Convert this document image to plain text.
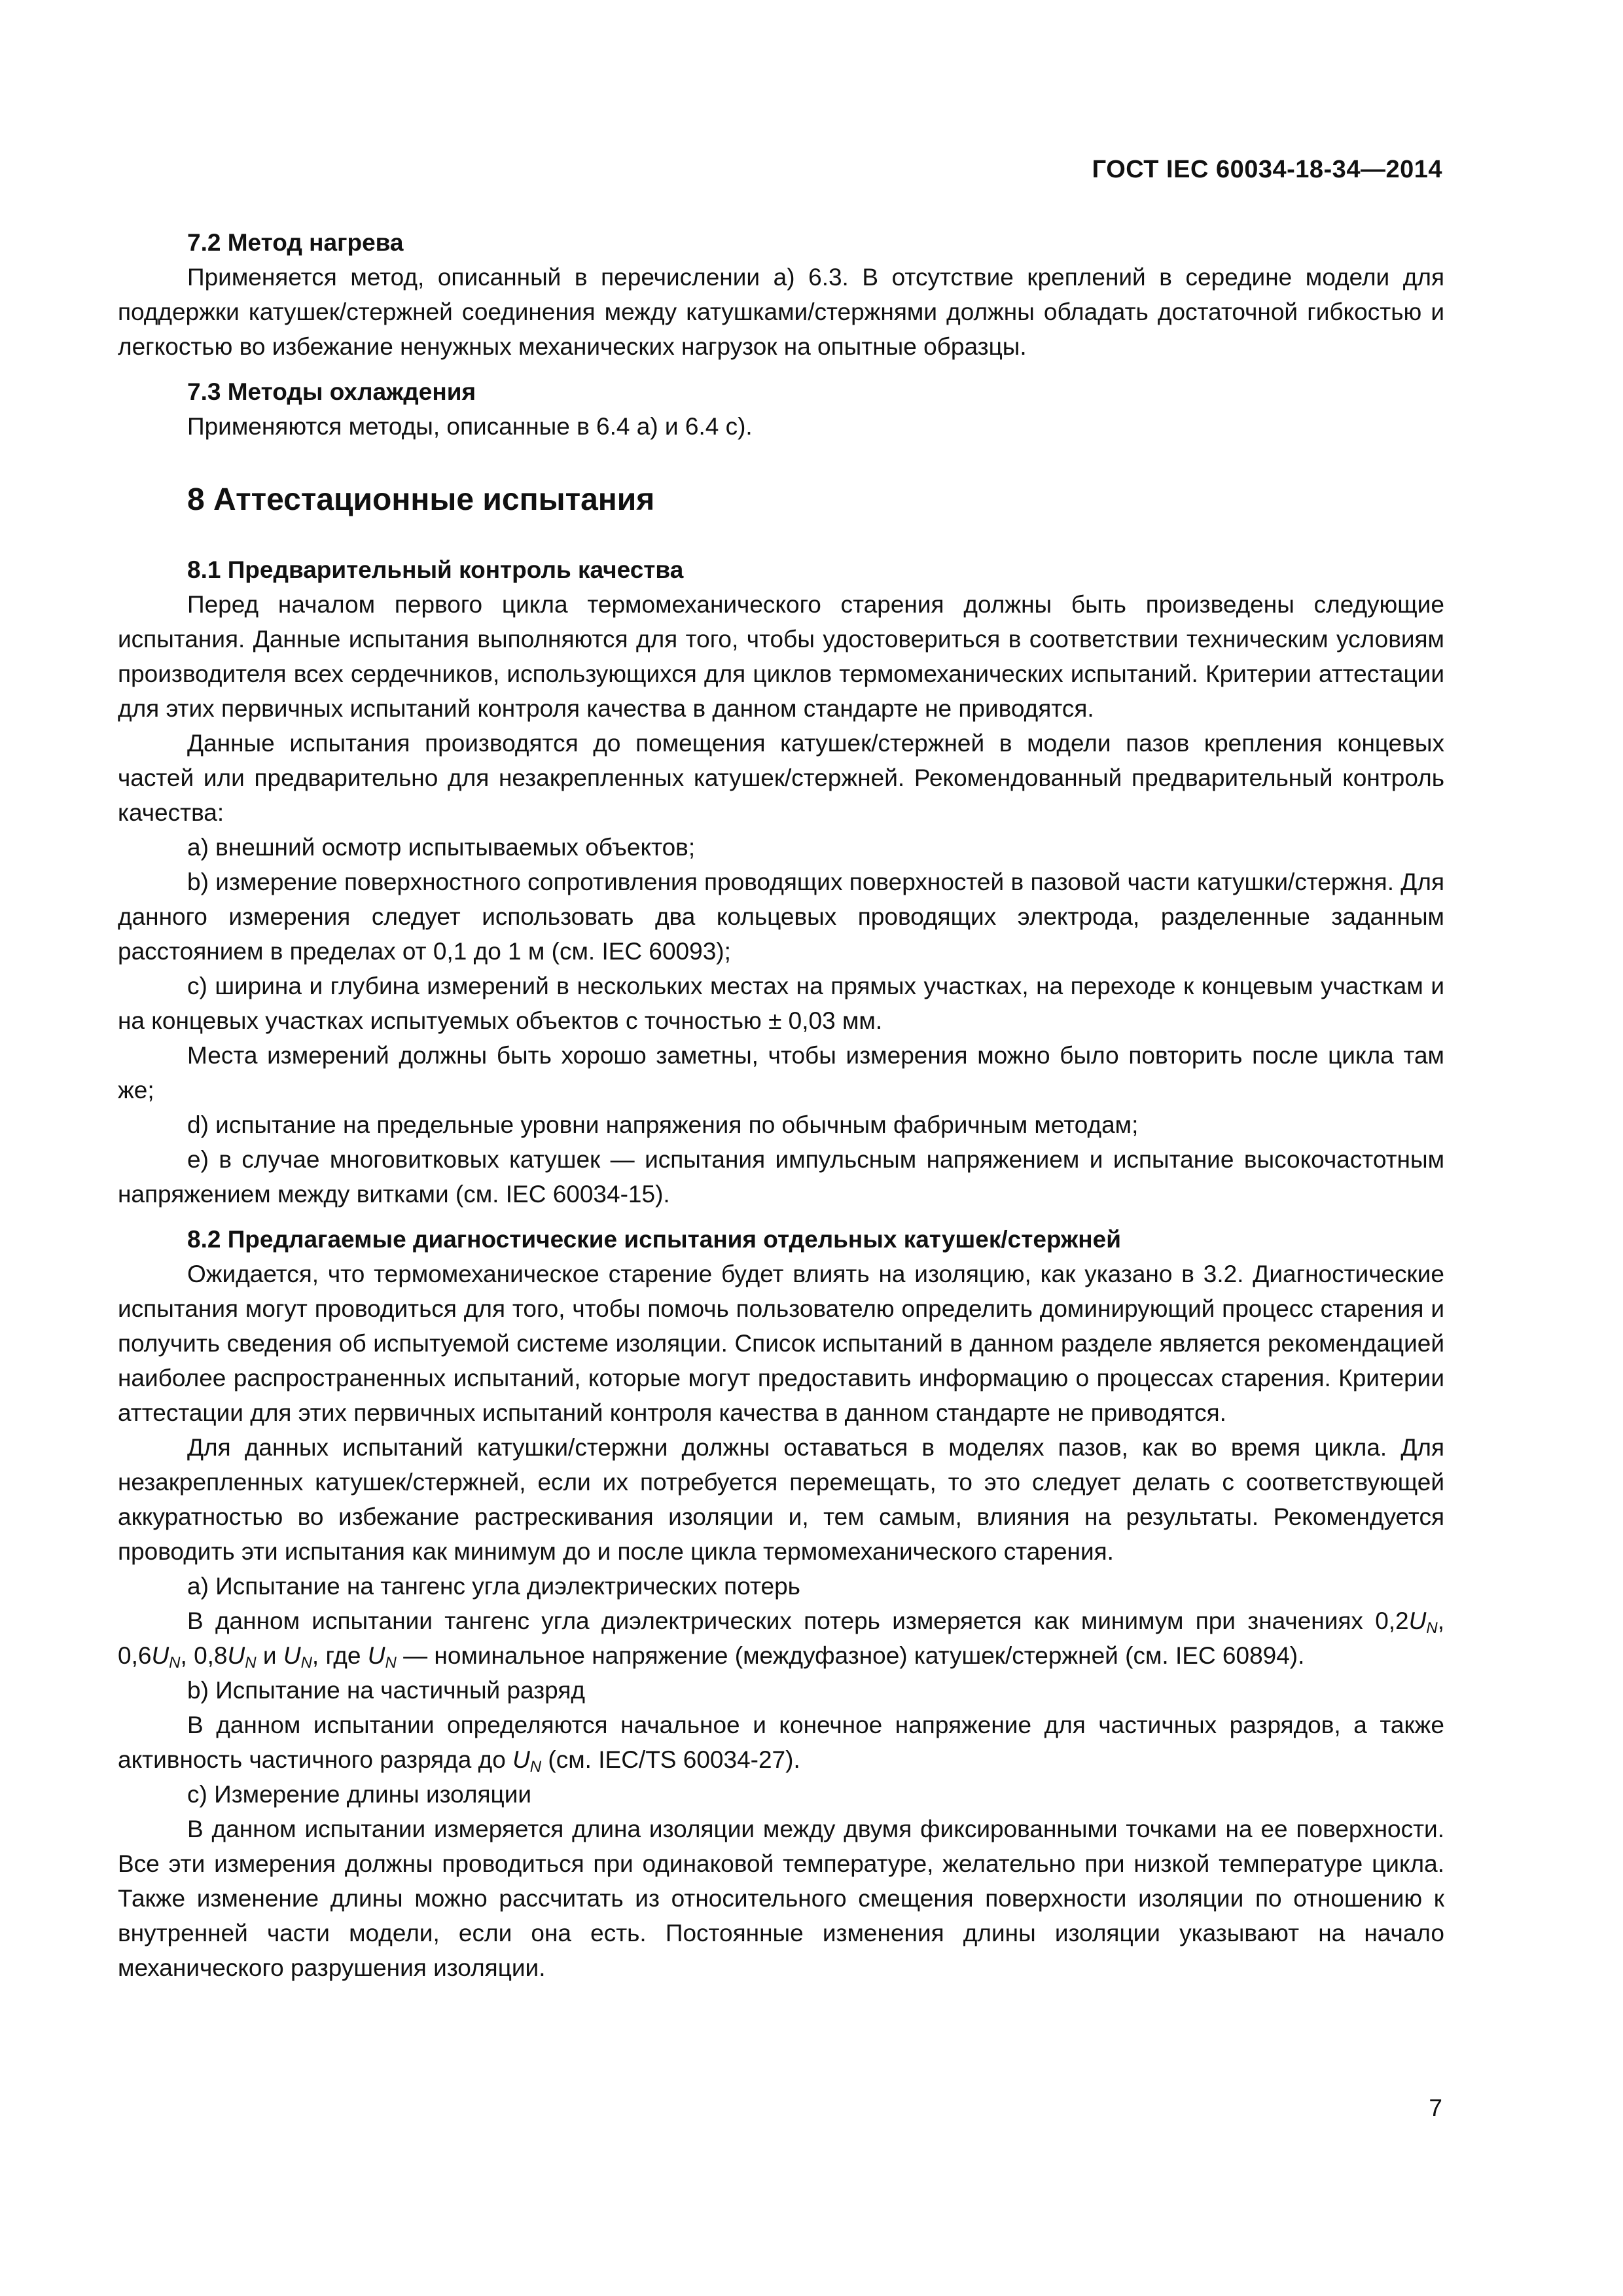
ГОСТ IEC 60034-18-34—2014
7.2 Метод нагрева

Применяется метод, описанный в перечислении а) 6.3. В отсутствие креплений в середине модели для поддержки катушек/стержней соединения между катушками/стержнями должны обладать достаточной гибкостью и легкостью во избежание ненужных механических нагрузок на опытные образцы.

7.3 Методы охлаждения

Применяются методы, описанные в 6.4 а) и 6.4 с).

8 Аттестационные испытания
8.1 Предварительный контроль качества

Перед началом первого цикла термомеханического старения должны быть произведены следующие испытания. Данные испытания выполняются для того, чтобы удостовериться в соответствии техническим условиям производителя всех сердечников, использующихся для циклов термомеханических испытаний. Критерии аттестации для этих первичных испытаний контроля качества в данном стандарте не приводятся.

Данные испытания производятся до помещения катушек/стержней в модели пазов крепления концевых частей или предварительно для незакрепленных катушек/стержней. Рекомендованный предварительный контроль качества:

а) внешний осмотр испытываемых объектов;

b) измерение поверхностного сопротивления проводящих поверхностей в пазовой части катушки/стержня. Для данного измерения следует использовать два кольцевых проводящих электрода, разделенные заданным расстоянием в пределах от 0,1 до 1 м (см. IEC 60093);

с) ширина и глубина измерений в нескольких местах на прямых участках, на переходе к концевым участкам и на концевых участках испытуемых объектов с точностью ± 0,03 мм.

Места измерений должны быть хорошо заметны, чтобы измерения можно было повторить после цикла там же;

d) испытание на предельные уровни напряжения по обычным фабричным методам;

е) в случае многовитковых катушек — испытания импульсным напряжением и испытание высокочастотным напряжением между витками (см. IEC 60034-15).

8.2 Предлагаемые диагностические испытания отдельных катушек/стержней

Ожидается, что термомеханическое старение будет влиять на изоляцию, как указано в 3.2. Диагностические испытания могут проводиться для того, чтобы помочь пользователю определить доминирующий процесс старения и получить сведения об испытуемой системе изоляции. Список испытаний в данном разделе является рекомендацией наиболее распространенных испытаний, которые могут предоставить информацию о процессах старения. Критерии аттестации для этих первичных испытаний контроля качества в данном стандарте не приводятся.

Для данных испытаний катушки/стержни должны оставаться в моделях пазов, как во время цикла. Для незакрепленных катушек/стержней, если их потребуется перемещать, то это следует делать с соответствующей аккуратностью во избежание растрескивания изоляции и, тем самым, влияния на результаты. Рекомендуется проводить эти испытания как минимум до и после цикла термомеханического старения.

а) Испытание на тангенс угла диэлектрических потерь

В данном испытании тангенс угла диэлектрических потерь измеряется как минимум при значениях $0,2U_N$, $0,6U_N$, $0,8U_N$ и $U_N$, где $U_N$ — номинальное напряжение (междуфазное) катушек/стержней (см. IEC 60894).

b) Испытание на частичный разряд

В данном испытании определяются начальное и конечное напряжение для частичных разрядов, а также активность частичного разряда до $U_N$ (см. IEC/TS 60034-27).

с) Измерение длины изоляции

В данном испытании измеряется длина изоляции между двумя фиксированными точками на ее поверхности. Все эти измерения должны проводиться при одинаковой температуре, желательно при низкой температуре цикла. Также изменение длины можно рассчитать из относительного смещения поверхности изоляции по отношению к внутренней части модели, если она есть. Постоянные изменения длины изоляции указывают на начало механического разрушения изоляции.

7
